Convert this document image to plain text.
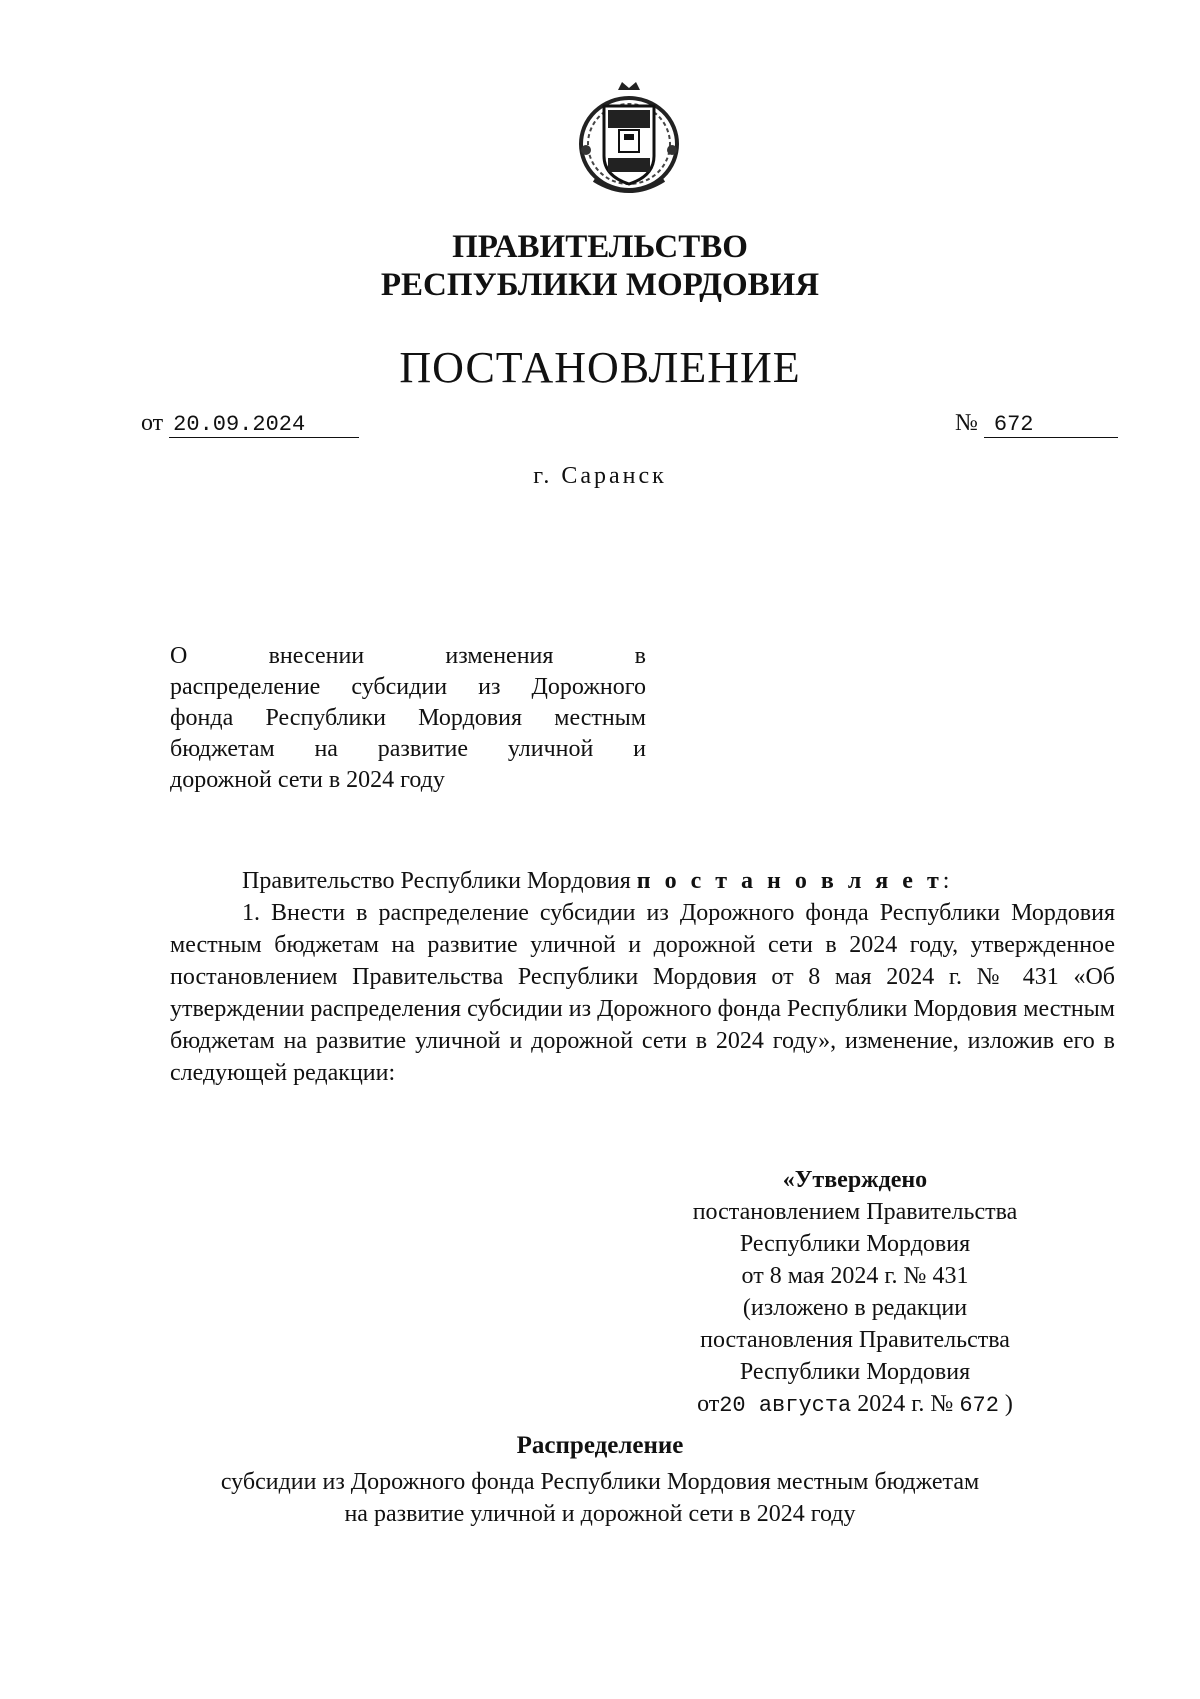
ПРАВИТЕЛЬСТВО
РЕСПУБЛИКИ МОРДОВИЯ
ПОСТАНОВЛЕНИЕ
от 20.09.2024	№ 672
г. Саранск
О внесении изменения в
распределение субсидии из Дорожного
фонда Республики Мордовия местным
бюджетам на развитие уличной и
дорожной сети в 2024 году

Правительство Республики Мордовия п о с т а н о в л я е т:

1. Внести в распределение субсидии из Дорожного фонда Республики Мордовия местным бюджетам на развитие уличной и дорожной сети в 2024 году, утвержденное постановлением Правительства Республики Мордовия от 8 мая 2024 г. № 431 «Об утверждении распределения субсидии из Дорожного фонда Республики Мордовия местным бюджетам на развитие уличной и дорожной сети в 2024 году», изменение, изложив его в следующей редакции:

«Утверждено
постановлением Правительства
Республики Мордовия
от 8 мая 2024 г. № 431
(изложено в редакции
постановления Правительства
Республики Мордовия
от20 августа 2024 г. № 672 )
Распределение
субсидии из Дорожного фонда Республики Мордовия местным бюджетам
на развитие уличной и дорожной сети в 2024 году
